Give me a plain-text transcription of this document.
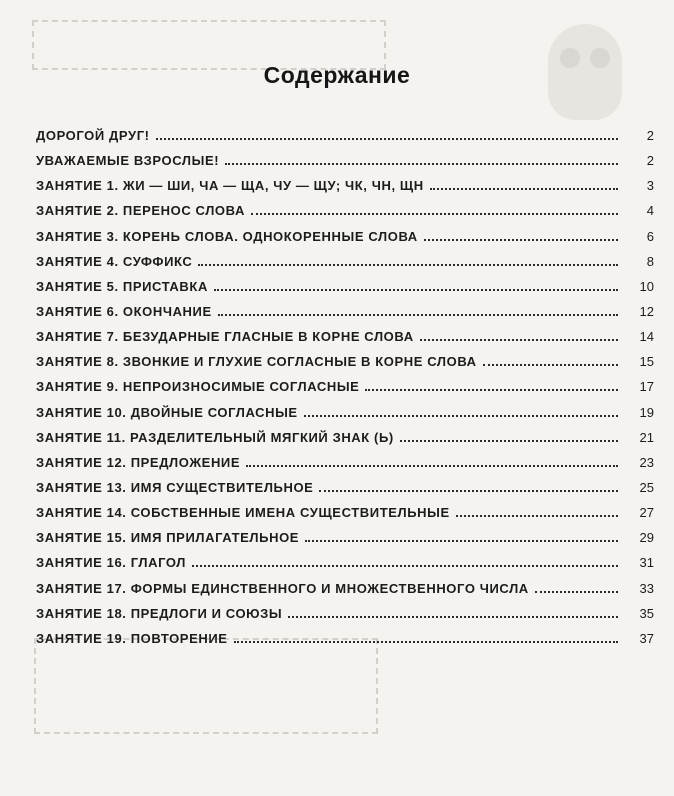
Содержание
ДОРОГОЙ ДРУГ!	2
УВАЖАЕМЫЕ ВЗРОСЛЫЕ!	2
ЗАНЯТИЕ 1. ЖИ — ШИ, ЧА — ЩА, ЧУ — ЩУ; ЧК, ЧН, ЩН	3
ЗАНЯТИЕ 2. ПЕРЕНОС СЛОВА	4
ЗАНЯТИЕ 3. КОРЕНЬ СЛОВА. ОДНОКОРЕННЫЕ СЛОВА	6
ЗАНЯТИЕ 4. СУФФИКС	8
ЗАНЯТИЕ 5. ПРИСТАВКА	10
ЗАНЯТИЕ 6. ОКОНЧАНИЕ	12
ЗАНЯТИЕ 7. БЕЗУДАРНЫЕ ГЛАСНЫЕ В КОРНЕ СЛОВА	14
ЗАНЯТИЕ 8. ЗВОНКИЕ И ГЛУХИЕ СОГЛАСНЫЕ В КОРНЕ СЛОВА	15
ЗАНЯТИЕ 9. НЕПРОИЗНОСИМЫЕ СОГЛАСНЫЕ	17
ЗАНЯТИЕ 10. ДВОЙНЫЕ СОГЛАСНЫЕ	19
ЗАНЯТИЕ 11. РАЗДЕЛИТЕЛЬНЫЙ МЯГКИЙ ЗНАК (Ь)	21
ЗАНЯТИЕ 12. ПРЕДЛОЖЕНИЕ	23
ЗАНЯТИЕ 13. ИМЯ СУЩЕСТВИТЕЛЬНОЕ	25
ЗАНЯТИЕ 14. СОБСТВЕННЫЕ ИМЕНА СУЩЕСТВИТЕЛЬНЫЕ	27
ЗАНЯТИЕ 15. ИМЯ ПРИЛАГАТЕЛЬНОЕ	29
ЗАНЯТИЕ 16. ГЛАГОЛ	31
ЗАНЯТИЕ 17. ФОРМЫ ЕДИНСТВЕННОГО И МНОЖЕСТВЕННОГО ЧИСЛА	33
ЗАНЯТИЕ 18. ПРЕДЛОГИ И СОЮЗЫ	35
ЗАНЯТИЕ 19. ПОВТОРЕНИЕ	37
